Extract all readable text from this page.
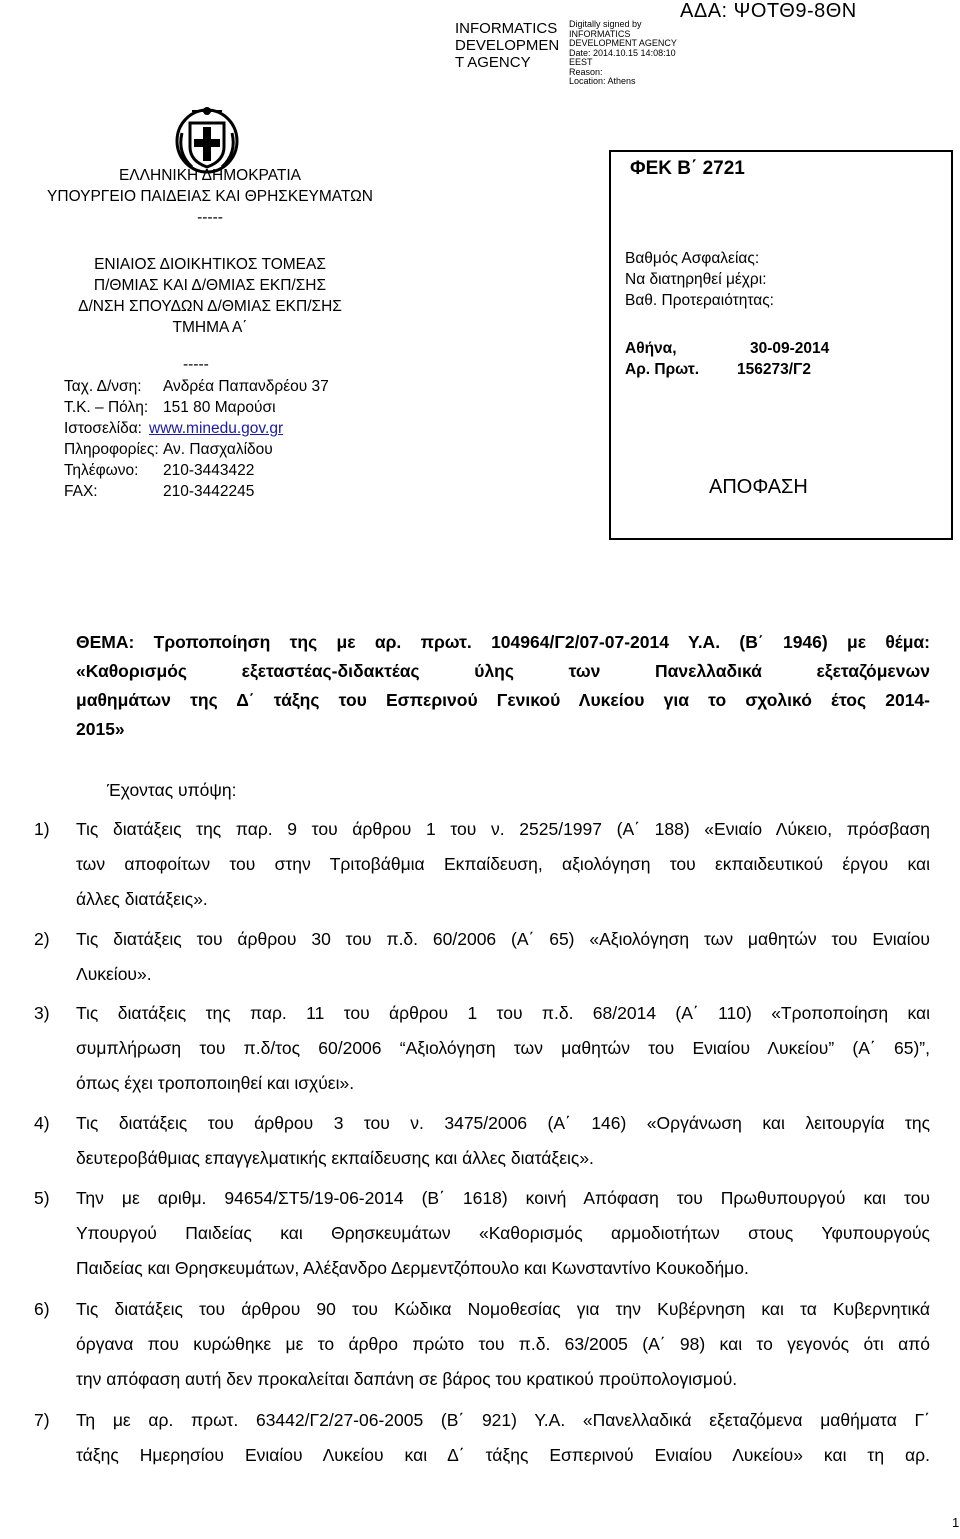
INFORMATICS
DEVELOPMEN
T AGENCY
Digitally signed by
INFORMATICS
DEVELOPMENT AGENCY
Date: 2014.10.15 14:08:10
EEST
Reason:
Location: Athens
ΑΔΑ: ΨΟΤΘ9-8ΘΝ
ΕΛΛΗΝΙΚΗ ΔΗΜΟΚΡΑΤΙΑ
ΥΠΟΥΡΓΕΙΟ ΠΑΙΔΕΙΑΣ ΚΑΙ ΘΡΗΣΚΕΥΜΑΤΩΝ
-----
ΕΝΙΑΙΟΣ ΔΙΟΙΚΗΤΙΚΟΣ ΤΟΜΕΑΣ
Π/ΘΜΙΑΣ ΚΑΙ Δ/ΘΜΙΑΣ ΕΚΠ/ΣΗΣ
Δ/ΝΣΗ ΣΠΟΥΔΩΝ Δ/ΘΜΙΑΣ ΕΚΠ/ΣΗΣ
ΤΜΗΜΑ Α΄
-----
Ταχ. Δ/νση: Ανδρέα Παπανδρέου 37
Τ.Κ. – Πόλη: 151 80 Μαρούσι
Ιστοσελίδα: www.minedu.gov.gr
Πληροφορίες: Αν. Πασχαλίδου
Τηλέφωνο: 210-3443422
FAX:	210-3442245
ΦΕΚ Β΄ 2721
Βαθμός Ασφαλείας:
Να διατηρηθεί μέχρι:
Βαθ. Προτεραιότητας:
Αθήνα,	30-09-2014
Αρ. Πρωτ. 156273/Γ2
ΑΠΟΦΑΣΗ
ΘΕΜΑ: Τροποποίηση της με αρ. πρωτ. 104964/Γ2/07-07-2014 Υ.Α. (Β΄ 1946) με θέμα:
«Καθορισμός εξεταστέας-διδακτέας ύλης των Πανελλαδικά εξεταζόμενων
μαθημάτων της Δ΄ τάξης του Εσπερινού Γενικού Λυκείου για το σχολικό έτος 2014-
2015»
Έχοντας υπόψη:
1) Τις διατάξεις της παρ. 9 του άρθρου 1 του ν. 2525/1997 (Α΄ 188) «Ενιαίο Λύκειο, πρόσβαση
των αποφοίτων του στην Τριτοβάθμια Εκπαίδευση, αξιολόγηση του εκπαιδευτικού έργου και
άλλες διατάξεις».
2) Τις διατάξεις του άρθρου 30 του π.δ. 60/2006 (Α΄ 65) «Αξιολόγηση των μαθητών του Ενιαίου
Λυκείου».
3) Τις διατάξεις της παρ. 11 του άρθρου 1 του π.δ. 68/2014 (Α΄ 110) «Τροποποίηση και
συμπλήρωση του π.δ/τος 60/2006 “Αξιολόγηση των μαθητών του Ενιαίου Λυκείου” (Α΄ 65)”,
όπως έχει τροποποιηθεί και ισχύει».
4) Τις διατάξεις του άρθρου 3 του ν. 3475/2006 (Α΄ 146) «Οργάνωση και λειτουργία της
δευτεροβάθμιας επαγγελματικής εκπαίδευσης και άλλες διατάξεις».
5) Την με αριθμ. 94654/ΣΤ5/19-06-2014 (Β΄ 1618) κοινή Απόφαση του Πρωθυπουργού και του
Υπουργού Παιδείας και Θρησκευμάτων «Καθορισμός αρμοδιοτήτων στους Υφυπουργούς
Παιδείας και Θρησκευμάτων, Αλέξανδρο Δερμεντζόπουλο και Κωνσταντίνο Κουκοδήμο.
6) Τις διατάξεις του άρθρου 90 του Κώδικα Νομοθεσίας για την Κυβέρνηση και τα Κυβερνητικά
όργανα που κυρώθηκε με το άρθρο πρώτο του π.δ. 63/2005 (Α΄ 98) και το γεγονός ότι από
την απόφαση αυτή δεν προκαλείται δαπάνη σε βάρος του κρατικού προϋπολογισμού.
7) Τη με αρ. πρωτ. 63442/Γ2/27-06-2005 (Β΄ 921) Υ.Α. «Πανελλαδικά εξεταζόμενα μαθήματα Γ΄
τάξης Ημερησίου Ενιαίου Λυκείου και Δ΄ τάξης Εσπερινού Ενιαίου Λυκείου» και τη αρ.
1
